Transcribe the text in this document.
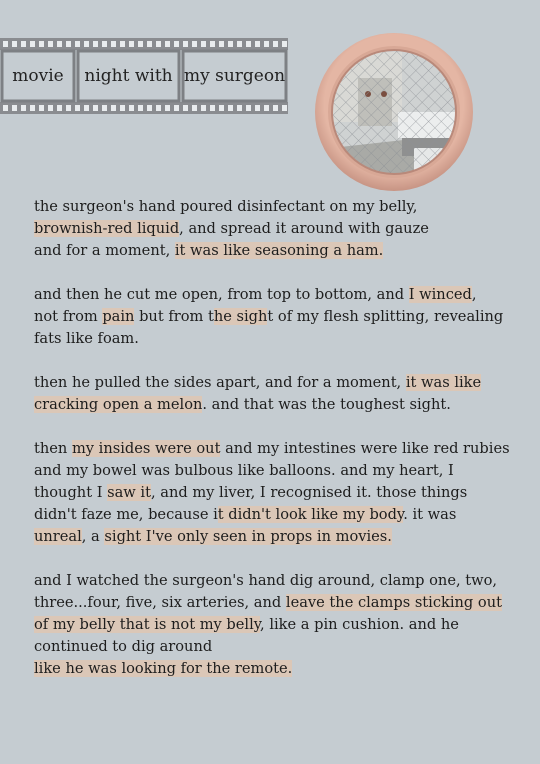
movie	night with my surgeon

the surgeon's hand poured disinfectant on my belly,
brownish-red liquid, and spread it around with gauze
and for a moment, it was like seasoning a ham.

and then he cut me open, from top to bottom, and I winced,
not from pain but from the sight of my flesh splitting, revealing
fats like foam.

then he pulled the sides apart, and for a moment, it was like
cracking open a melon. and that was the toughest sight.

then my insides were out and my intestines were like red rubies
and my bowel was bulbous like balloons. and my heart, I
thought I saw it, and my liver, I recognised it. those things
didn't faze me, because it didn't look like my body. it was
unreal, a sight I've only seen in props in movies.

and I watched the surgeon's hand dig around, clamp one, two,
three...four, five, six arteries, and leave the clamps sticking out
of my belly that is not my belly, like a pin cushion. and he
continued to dig around
like he was looking for the remote.
